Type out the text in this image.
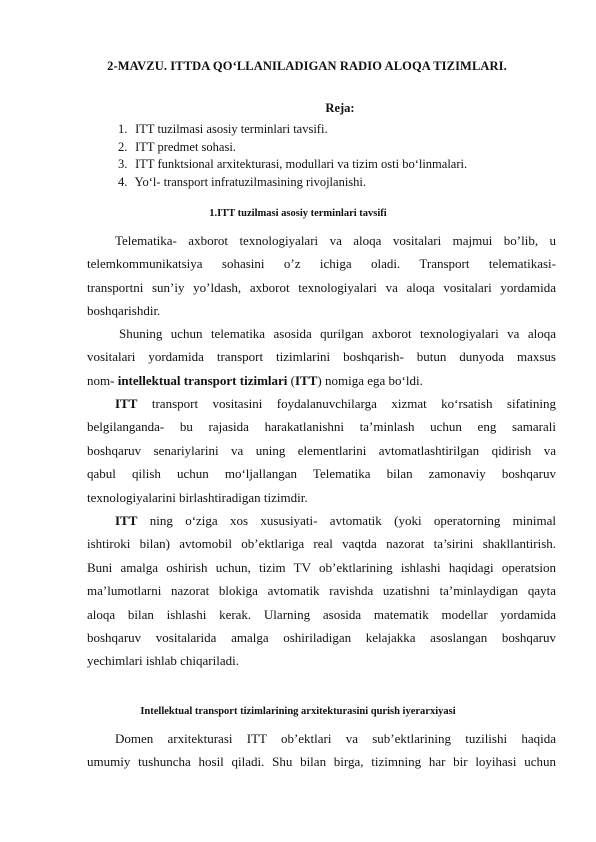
2-MAVZU. ITTDA QO‘LLANILADIGAN RADIO ALOQA TIZIMLARI.
Reja:
1. ITT tuzilmasi asosiy terminlari tavsifi.
2. ITT predmet sohasi.
3. ITT funktsional arxitekturasi, modullari va tizim osti bo‘linmalari.
4. Yo‘l- transport infratuzilmasining rivojlanishi.
1.ITT tuzilmasi asosiy terminlari tavsifi
Telematika- axborot texnologiyalari va aloqa vositalari majmui bo’lib, u
telemkommunikatsiya sohasini o’z ichiga oladi. Transport telematikasi-
transportni sun’iy yo’ldash, axborot texnologiyalari va aloqa vositalari yordamida
boshqarishdir.
Shuning uchun telematika asosida qurilgan axborot texnologiyalari va aloqa
vositalari yordamida transport tizimlarini boshqarish- butun dunyoda maxsus
nom- intellektual transport tizimlari (ITT) nomiga ega bo‘ldi.
ITT transport vositasini foydalanuvchilarga xizmat ko‘rsatish sifatining
belgilanganda- bu rajasida harakatlanishni ta’minlash uchun eng samarali
boshqaruv senariylarini va uning elementlarini avtomatlashtirilgan qidirish va
qabul qilish uchun mo‘ljallangan Telematika bilan zamonaviy boshqaruv
texnologiyalarini birlashtiradigan tizimdir.
ITT ning o‘ziga xos xususiyati- avtomatik (yoki operatorning minimal
ishtiroki bilan) avtomobil ob’ektlariga real vaqtda nazorat ta’sirini shakllantirish.
Buni amalga oshirish uchun, tizim TV ob’ektlarining ishlashi haqidagi operatsion
ma’lumotlarni nazorat blokiga avtomatik ravishda uzatishni ta’minlaydigan qayta
aloqa bilan ishlashi kerak. Ularning asosida matematik modellar yordamida
boshqaruv vositalarida amalga oshiriladigan kelajakka asoslangan boshqaruv
yechimlari ishlab chiqariladi.
Intellektual transport tizimlarining arxitekturasini qurish iyerarxiyasi
Domen arxitekturasi ITT ob’ektlari va sub’ektlarining tuzilishi haqida
umumiy tushuncha hosil qiladi. Shu bilan birga, tizimning har bir loyihasi uchun
